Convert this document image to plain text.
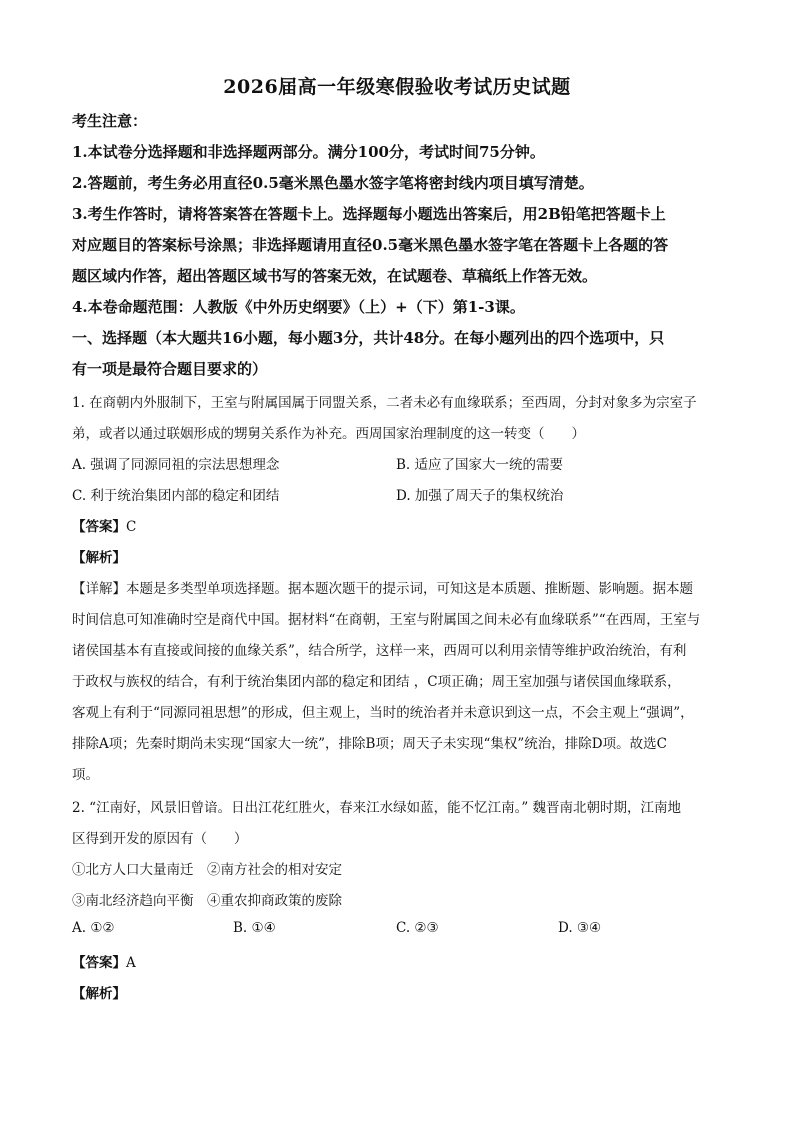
2026届高一年级寒假验收考试历史试题
考生注意：
1.本试卷分选择题和非选择题两部分。满分100分，考试时间75分钟。
2.答题前，考生务必用直径0.5毫米黑色墨水签字笔将密封线内项目填写清楚。
3.考生作答时，请将答案答在答题卡上。选择题每小题选出答案后，用2B铅笔把答题卡上
对应题目的答案标号涂黑；非选择题请用直径0.5毫米黑色墨水签字笔在答题卡上各题的答
题区域内作答，超出答题区域书写的答案无效，在试题卷、草稿纸上作答无效。
4.本卷命题范围：人教版《中外历史纲要》（上）+（下）第1-3课。
一、选择题（本大题共16小题，每小题3分，共计48分。在每小题列出的四个选项中，只
有一项是最符合题目要求的）
1. 在商朝内外服制下，王室与附属国属于同盟关系，二者未必有血缘联系；至西周，分封对象多为宗室子
弟，或者以通过联姻形成的甥舅关系作为补充。西周国家治理制度的这一转变（　　）
A. 强调了同源同祖的宗法思想理念	B. 适应了国家大一统的需要
C. 利于统治集团内部的稳定和团结	D. 加强了周天子的集权统治
【答案】C
【解析】
【详解】本题是多类型单项选择题。据本题次题干的提示词，可知这是本质题、推断题、影响题。据本题
时间信息可知准确时空是商代中国。据材料“在商朝，王室与附属国之间未必有血缘联系”“在西周，王室与
诸侯国基本有直接或间接的血缘关系”，结合所学，这样一来，西周可以利用亲情等维护政治统治，有利
于政权与族权的结合，有利于统治集团内部的稳定和团结 ，C项正确；周王室加强与诸侯国血缘联系，
客观上有利于“同源同祖思想”的形成，但主观上，当时的统治者并未意识到这一点，不会主观上“强调”，
排除A项；先秦时期尚未实现“国家大一统”，排除B项；周天子未实现“集权”统治，排除D项。故选C
项。
2. “江南好，风景旧曾谙。日出江花红胜火，春来江水绿如蓝，能不忆江南。” 魏晋南北朝时期，江南地
区得到开发的原因有（　　）
①北方人口大量南迁　②南方社会的相对安定
③南北经济趋向平衡　④重农抑商政策的废除
A. ①②	B. ①④	C. ②③	D. ③④
【答案】A
【解析】
